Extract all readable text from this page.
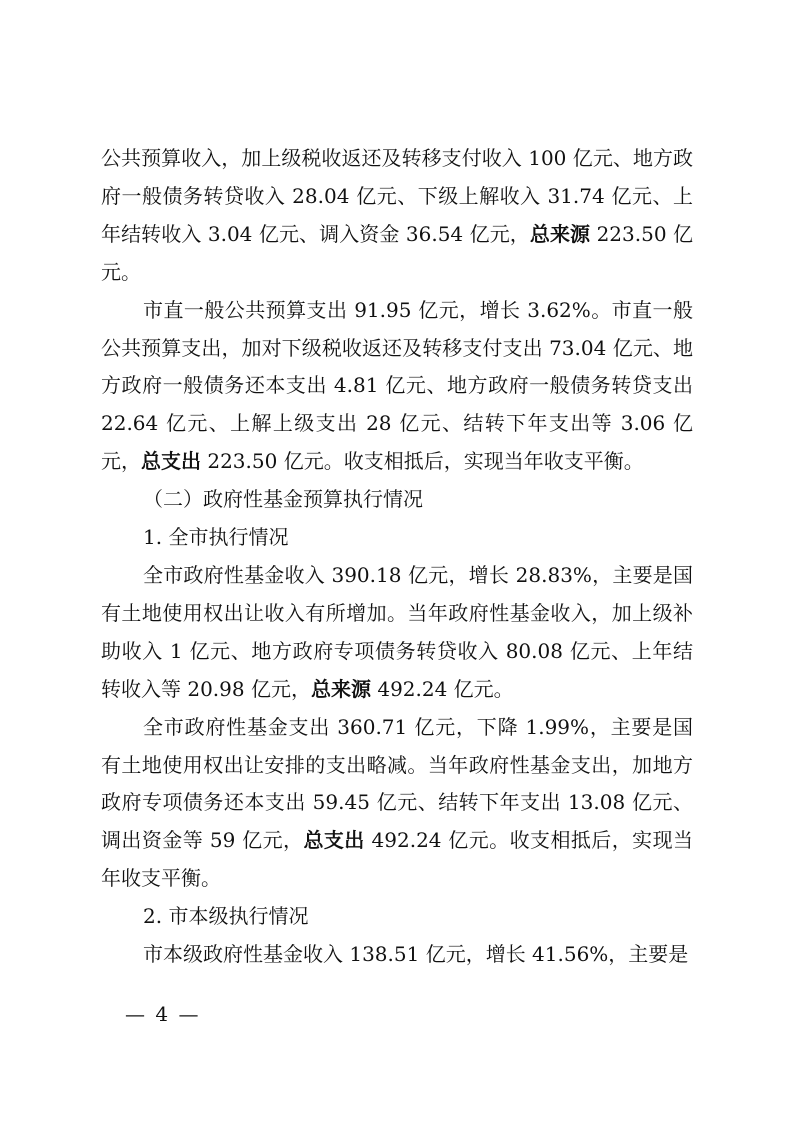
公共预算收入，加上级税收返还及转移支付收入 100 亿元、地方政府一般债务转贷收入 28.04 亿元、下级上解收入 31.74 亿元、上年结转收入 3.04 亿元、调入资金 36.54 亿元，总来源 223.50 亿元。

市直一般公共预算支出 91.95 亿元，增长 3.62%。市直一般公共预算支出，加对下级税收返还及转移支付支出 73.04 亿元、地方政府一般债务还本支出 4.81 亿元、地方政府一般债务转贷支出 22.64 亿元、上解上级支出 28 亿元、结转下年支出等 3.06 亿元，总支出 223.50 亿元。收支相抵后，实现当年收支平衡。

（二）政府性基金预算执行情况

1. 全市执行情况

全市政府性基金收入 390.18 亿元，增长 28.83%，主要是国有土地使用权出让收入有所增加。当年政府性基金收入，加上级补助收入 1 亿元、地方政府专项债务转贷收入 80.08 亿元、上年结转收入等 20.98 亿元，总来源 492.24 亿元。

全市政府性基金支出 360.71 亿元，下降 1.99%，主要是国有土地使用权出让安排的支出略减。当年政府性基金支出，加地方政府专项债务还本支出 59.45 亿元、结转下年支出 13.08 亿元、调出资金等 59 亿元，总支出 492.24 亿元。收支相抵后，实现当年收支平衡。

2. 市本级执行情况

市本级政府性基金收入 138.51 亿元，增长 41.56%，主要是

— 4 —
